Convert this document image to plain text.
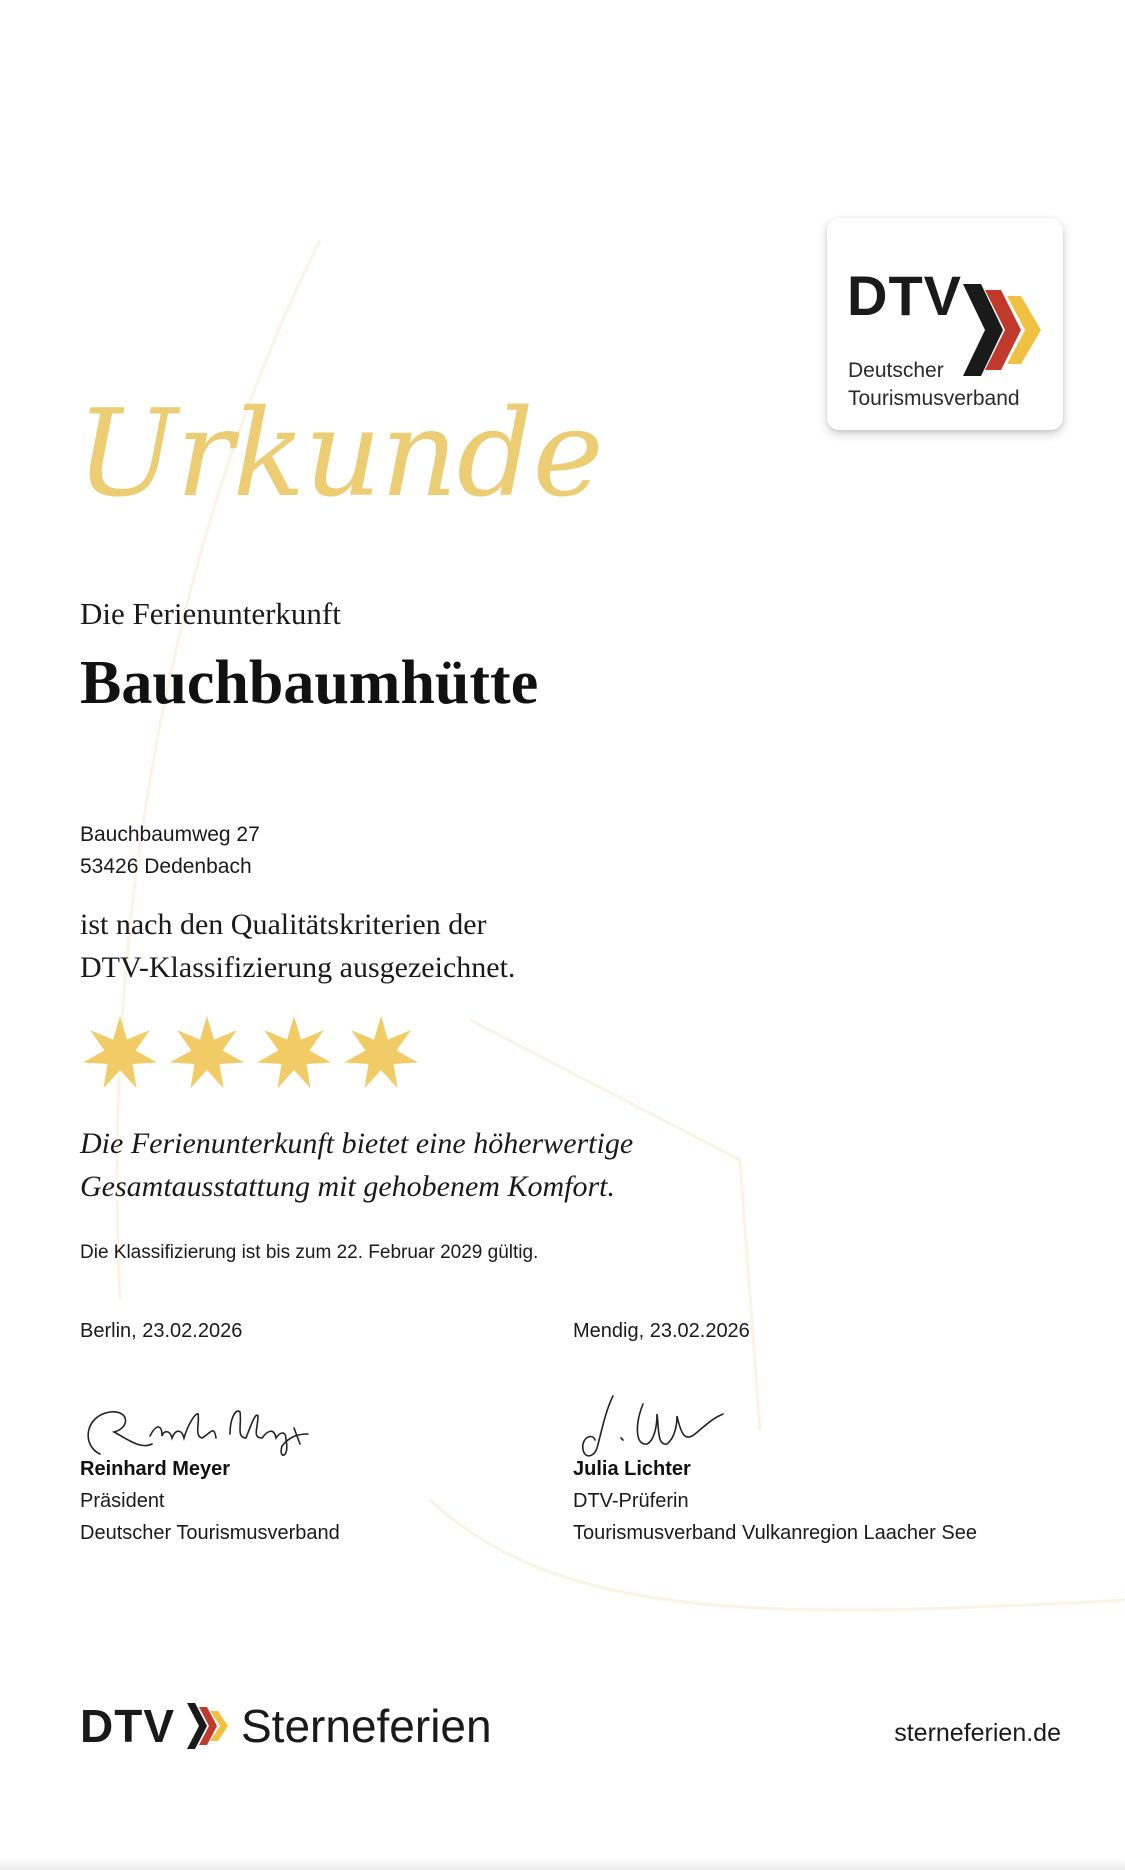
DTV
Deutscher
Tourismusverband
Urkunde
Die Ferienunterkunft
Bauchbaumhütte
Bauchbaumweg 27
53426 Dedenbach
ist nach den Qualitätskriterien der
DTV-Klassifizierung ausgezeichnet.
Die Ferienunterkunft bietet eine höherwertige
Gesamtausstattung mit gehobenem Komfort.
Die Klassifizierung ist bis zum 22. Februar 2029 gültig.
Berlin, 23.02.2026
Reinhard Meyer
Präsident
Deutscher Tourismusverband
Mendig, 23.02.2026
Julia Lichter
DTV-Prüferin
Tourismusverband Vulkanregion Laacher See
DTV Sterneferien	sterneferien.de
